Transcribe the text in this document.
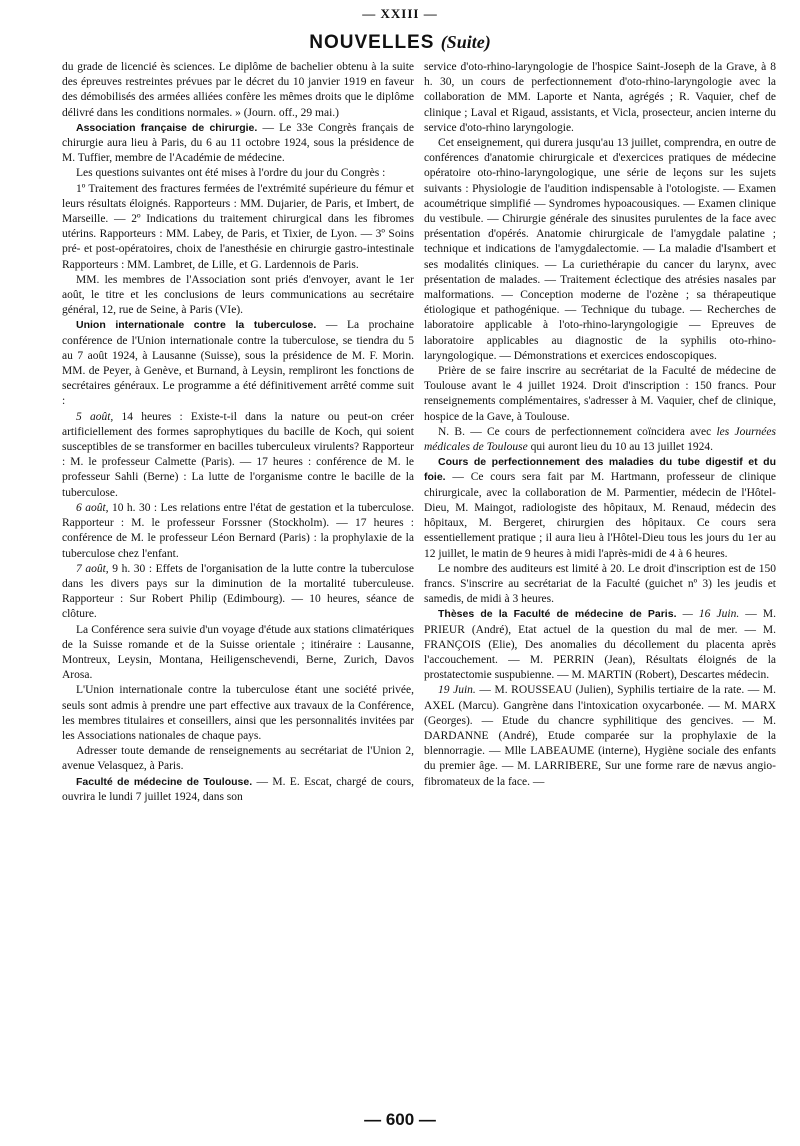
— XXIII —
NOUVELLES (Suite)

du grade de licencié ès sciences. Le diplôme de bachelier obtenu à la suite des épreuves restreintes prévues par le décret du 10 janvier 1919 en faveur des démobilisés des armées alliées confère les mêmes droits que le diplôme délivré dans les conditions normales. » (Journ. off., 29 mai.)

Association française de chirurgie. — Le 33e Congrès français de chirurgie aura lieu à Paris, du 6 au 11 octobre 1924, sous la présidence de M. Tuffier, membre de l'Académie de médecine.

Les questions suivantes ont été mises à l'ordre du jour du Congrès :

1º Traitement des fractures fermées de l'extrémité supérieure du fémur et leurs résultats éloignés. Rapporteurs : MM. Dujarier, de Paris, et Imbert, de Marseille. — 2º Indications du traitement chirurgical dans les fibromes utérins. Rapporteurs : MM. Labey, de Paris, et Tixier, de Lyon. — 3º Soins pré- et post-opératoires, choix de l'anesthésie en chirurgie gastro-intestinale Rapporteurs : MM. Lambret, de Lille, et G. Lardennois de Paris.

MM. les membres de l'Association sont priés d'envoyer, avant le 1er août, le titre et les conclusions de leurs communications au secrétaire général, 12, rue de Seine, à Paris (VIe).

Union internationale contre la tuberculose. — La prochaine conférence de l'Union internationale contre la tuberculose, se tiendra du 5 au 7 août 1924, à Lausanne (Suisse), sous la présidence de M. F. Morin. MM. de Peyer, à Genève, et Burnand, à Leysin, rempliront les fonctions de secrétaires généraux. Le programme a été définitivement arrêté comme suit :

5 août, 14 heures : Existe-t-il dans la nature ou peut-on créer artificiellement des formes saprophytiques du bacille de Koch, qui soient susceptibles de se transformer en bacilles tuberculeux virulents? Rapporteur : M. le professeur Calmette (Paris). — 17 heures : conférence de M. le professeur Sahli (Berne) : La lutte de l'organisme contre le bacille de la tuberculose.

6 août, 10 h. 30 : Les relations entre l'état de gestation et la tuberculose. Rapporteur : M. le professeur Forssner (Stockholm). — 17 heures : conférence de M. le professeur Léon Bernard (Paris) : la prophylaxie de la tuberculose chez l'enfant.

7 août, 9 h. 30 : Effets de l'organisation de la lutte contre la tuberculose dans les divers pays sur la diminution de la mortalité tuberculeuse. Rapporteur : Sur Robert Philip (Edimbourg). — 10 heures, séance de clôture.

La Conférence sera suivie d'un voyage d'étude aux stations climatériques de la Suisse romande et de la Suisse orientale ; itinéraire : Lausanne, Montreux, Leysin, Montana, Heiligenschevendi, Berne, Zurich, Davos Arosa.

L'Union internationale contre la tuberculose étant une société privée, seuls sont admis à prendre une part effective aux travaux de la Conférence, les membres titulaires et conseillers, ainsi que les personnalités invitées par les Associations nationales de chaque pays.

Adresser toute demande de renseignements au secrétariat de l'Union 2, avenue Velasquez, à Paris.

Faculté de médecine de Toulouse. — M. E. Escat, chargé de cours, ouvrira le lundi 7 juillet 1924, dans son

service d'oto-rhino-laryngologie de l'hospice Saint-Joseph de la Grave, à 8 h. 30, un cours de perfectionnement d'oto-rhino-laryngologie avec la collaboration de MM. Laporte et Nanta, agrégés ; R. Vaquier, chef de clinique ; Laval et Rigaud, assistants, et Vicla, prosecteur, ancien interne du service d'oto-rhino laryngologie.

Cet enseignement, qui durera jusqu'au 13 juillet, comprendra, en outre de conférences d'anatomie chirurgicale et d'exercices pratiques de médecine opératoire oto-rhino-laryngologique, une série de leçons sur les sujets suivants : Physiologie de l'audition indispensable à l'otologiste. — Examen acoumétrique simplifié — Syndromes hypoacousiques. — Examen clinique du vestibule. — Chirurgie générale des sinusites purulentes de la face avec présentation d'opérés. Anatomie chirurgicale de l'amygdale palatine ; technique et indications de l'amygdalectomie. — La maladie d'Isambert et ses modalités cliniques. — La curiethérapie du cancer du larynx, avec présentation de malades. — Traitement éclectique des atrésies nasales par malformations. — Conception moderne de l'ozène ; sa thérapeutique étiologique et pathogénique. — Technique du tubage. — Recherches de laboratoire applicable à l'oto-rhino-laryngologigie — Epreuves de laboratoire applicables au diagnostic de la syphilis oto-rhino-laryngologique. — Démonstrations et exercices endoscopiques.

Prière de se faire inscrire au secrétariat de la Faculté de médecine de Toulouse avant le 4 juillet 1924. Droit d'inscription : 150 francs. Pour renseignements complémentaires, s'adresser à M. Vaquier, chef de clinique, hospice de la Gave, à Toulouse.

N. B. — Ce cours de perfectionnement coïncidera avec les Journées médicales de Toulouse qui auront lieu du 10 au 13 juillet 1924.

Cours de perfectionnement des maladies du tube digestif et du foie. — Ce cours sera fait par M. Hartmann, professeur de clinique chirurgicale, avec la collaboration de M. Parmentier, médecin de l'Hôtel-Dieu, M. Maingot, radiologiste des hôpitaux, M. Renaud, médecin des hôpitaux, M. Bergeret, chirurgien des hôpitaux. Ce cours sera essentiellement pratique ; il aura lieu à l'Hôtel-Dieu tous les jours du 1er au 12 juillet, le matin de 9 heures à midi l'après-midi de 4 à 6 heures.

Le nombre des auditeurs est limité à 20. Le droit d'inscription est de 150 francs. S'inscrire au secrétariat de la Faculté (guichet nº 3) les jeudis et samedis, de midi à 3 heures.

Thèses de la Faculté de médecine de Paris. — 16 Juin. — M. PRIEUR (André), Etat actuel de la question du mal de mer. — M. FRANÇOIS (Elie), Des anomalies du décollement du placenta après l'accouchement. — M. PERRIN (Jean), Résultats éloignés de la prostatectomie suspubienne. — M. MARTIN (Robert), Descartes médecin.

19 Juin. — M. ROUSSEAU (Julien), Syphilis tertiaire de la rate. — M. AXEL (Marcu). Gangrène dans l'intoxication oxycarbonée. — M. MARX (Georges). — Etude du chancre syphilitique des gencives. — M. DARDANNE (André), Etude comparée sur la prophylaxie de la blennorragie. — Mlle LABEAUME (interne), Hygiène sociale des enfants du premier âge. — M. LARRIBERE, Sur une forme rare de nævus angio-fibromateux de la face. —

— 600 —
